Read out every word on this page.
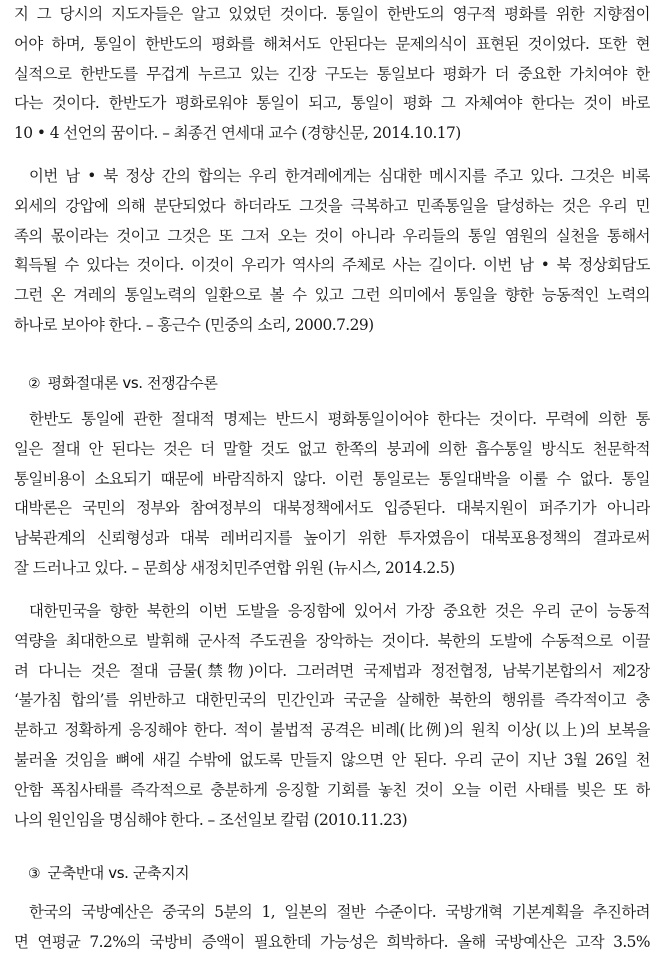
지 그 당시의 지도자들은 알고 있었던 것이다. 통일이 한반도의 영구적 평화를 위한 지향점이
어야 하며, 통일이 한반도의 평화를 해쳐서도 안된다는 문제의식이 표현된 것이었다. 또한 현
실적으로 한반도를 무겁게 누르고 있는 긴장 구도는 통일보다 평화가 더 중요한 가치여야 한
다는 것이다. 한반도가 평화로워야 통일이 되고, 통일이 평화 그 자체여야 한다는 것이 바로
10 • 4 선언의 꿈이다. – 최종건 연세대 교수 (경향신문, 2014.10.17)
이번 남 • 북 정상 간의 합의는 우리 한겨레에게는 심대한 메시지를 주고 있다. 그것은 비록
외세의 강압에 의해 분단되었다 하더라도 그것을 극복하고 민족통일을 달성하는 것은 우리 민
족의 몫이라는 것이고 그것은 또 그저 오는 것이 아니라 우리들의 통일 염원의 실천을 통해서
획득될 수 있다는 것이다. 이것이 우리가 역사의 주체로 사는 길이다. 이번 남 • 북 정상회담도
그런 온 겨레의 통일노력의 일환으로 볼 수 있고 그런 의미에서 통일을 향한 능동적인 노력의
하나로 보아야 한다. – 홍근수 (민중의 소리, 2000.7.29)
② 평화절대론 vs. 전쟁감수론
한반도 통일에 관한 절대적 명제는 반드시 평화통일이어야 한다는 것이다. 무력에 의한 통
일은 절대 안 된다는 것은 더 말할 것도 없고 한쪽의 붕괴에 의한 흡수통일 방식도 천문학적
통일비용이 소요되기 때문에 바람직하지 않다. 이런 통일로는 통일대박을 이룰 수 없다. 통일
대박론은 국민의 정부와 참여정부의 대북정책에서도 입증된다. 대북지원이 퍼주기가 아니라
남북관계의 신뢰형성과 대북 레버리지를 높이기 위한 투자였음이 대북포용정책의 결과로써
잘 드러나고 있다. – 문희상 새정치민주연합 위원 (뉴시스, 2014.2.5)
대한민국을 향한 북한의 이번 도발을 응징함에 있어서 가장 중요한 것은 우리 군이 능동적
역량을 최대한으로 발휘해 군사적 주도권을 장악하는 것이다. 북한의 도발에 수동적으로 이끌
려 다니는 것은 절대 금물(禁物)이다. 그러려면 국제법과 정전협정, 남북기본합의서 제2장
‘불가침 합의’를 위반하고 대한민국의 민간인과 국군을 살해한 북한의 행위를 즉각적이고 충
분하고 정확하게 응징해야 한다. 적이 불법적 공격은 비례(比例)의 원칙 이상(以上)의 보복을
불러올 것임을 뼈에 새길 수밖에 없도록 만들지 않으면 안 된다. 우리 군이 지난 3월 26일 천
안함 폭침사태를 즉각적으로 충분하게 응징할 기회를 놓친 것이 오늘 이런 사태를 빚은 또 하
나의 원인임을 명심해야 한다. – 조선일보 칼럼 (2010.11.23)
③ 군축반대 vs. 군축지지
한국의 국방예산은 중국의 5분의 1, 일본의 절반 수준이다. 국방개혁 기본계획을 추진하려
면 연평균 7.2%의 국방비 증액이 필요한데 가능성은 희박하다. 올해 국방예산은 고작 3.5%
